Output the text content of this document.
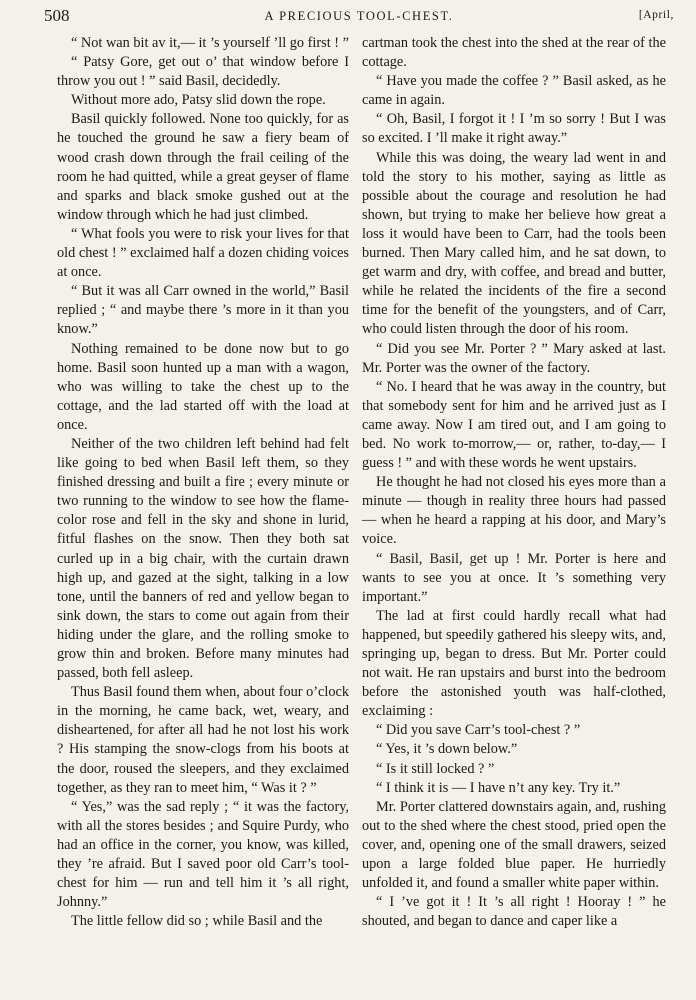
508	A PRECIOUS TOOL-CHEST.	[April,

“ Not wan bit av it,— it ’s yourself ’ll go first ! ”

“ Patsy Gore, get out o’ that window before I throw you out ! ” said Basil, decidedly.

Without more ado, Patsy slid down the rope.

Basil quickly followed. None too quickly, for as he touched the ground he saw a fiery beam of wood crash down through the frail ceiling of the room he had quitted, while a great geyser of flame and sparks and black smoke gushed out at the window through which he had just climbed.

“ What fools you were to risk your lives for that old chest ! ” exclaimed half a dozen chiding voices at once.

“ But it was all Carr owned in the world,” Basil replied ; “ and maybe there ’s more in it than you know.”

Nothing remained to be done now but to go home. Basil soon hunted up a man with a wagon, who was willing to take the chest up to the cottage, and the lad started off with the load at once.

Neither of the two children left behind had felt like going to bed when Basil left them, so they finished dressing and built a fire ; every minute or two running to the window to see how the flame-color rose and fell in the sky and shone in lurid, fitful flashes on the snow. Then they both sat curled up in a big chair, with the curtain drawn high up, and gazed at the sight, talking in a low tone, until the banners of red and yellow began to sink down, the stars to come out again from their hiding under the glare, and the rolling smoke to grow thin and broken. Before many minutes had passed, both fell asleep.

Thus Basil found them when, about four o’clock in the morning, he came back, wet, weary, and disheartened, for after all had he not lost his work ? His stamping the snow-clogs from his boots at the door, roused the sleepers, and they exclaimed together, as they ran to meet him, “ Was it ? ”

“ Yes,” was the sad reply ; “ it was the factory, with all the stores besides ; and Squire Purdy, who had an office in the corner, you know, was killed, they ’re afraid. But I saved poor old Carr’s tool-chest for him — run and tell him it ’s all right, Johnny.”

The little fellow did so ; while Basil and the

cartman took the chest into the shed at the rear of the cottage.

“ Have you made the coffee ? ” Basil asked, as he came in again.

“ Oh, Basil, I forgot it ! I ’m so sorry ! But I was so excited. I ’ll make it right away.”

While this was doing, the weary lad went in and told the story to his mother, saying as little as possible about the courage and resolution he had shown, but trying to make her believe how great a loss it would have been to Carr, had the tools been burned. Then Mary called him, and he sat down, to get warm and dry, with coffee, and bread and butter, while he related the incidents of the fire a second time for the benefit of the youngsters, and of Carr, who could listen through the door of his room.

“ Did you see Mr. Porter ? ” Mary asked at last. Mr. Porter was the owner of the factory.

“ No. I heard that he was away in the country, but that somebody sent for him and he arrived just as I came away. Now I am tired out, and I am going to bed. No work to-morrow,— or, rather, to-day,— I guess ! ” and with these words he went upstairs.

He thought he had not closed his eyes more than a minute — though in reality three hours had passed — when he heard a rapping at his door, and Mary’s voice.

“ Basil, Basil, get up ! Mr. Porter is here and wants to see you at once. It ’s something very important.”

The lad at first could hardly recall what had happened, but speedily gathered his sleepy wits, and, springing up, began to dress. But Mr. Porter could not wait. He ran upstairs and burst into the bedroom before the astonished youth was half-clothed, exclaiming :

“ Did you save Carr’s tool-chest ? ”

“ Yes, it ’s down below.”

“ Is it still locked ? ”

“ I think it is — I have n’t any key. Try it.”

Mr. Porter clattered downstairs again, and, rushing out to the shed where the chest stood, pried open the cover, and, opening one of the small drawers, seized upon a large folded blue paper. He hurriedly unfolded it, and found a smaller white paper within.

“ I ’ve got it ! It ’s all right ! Hooray ! ” he shouted, and began to dance and caper like a
